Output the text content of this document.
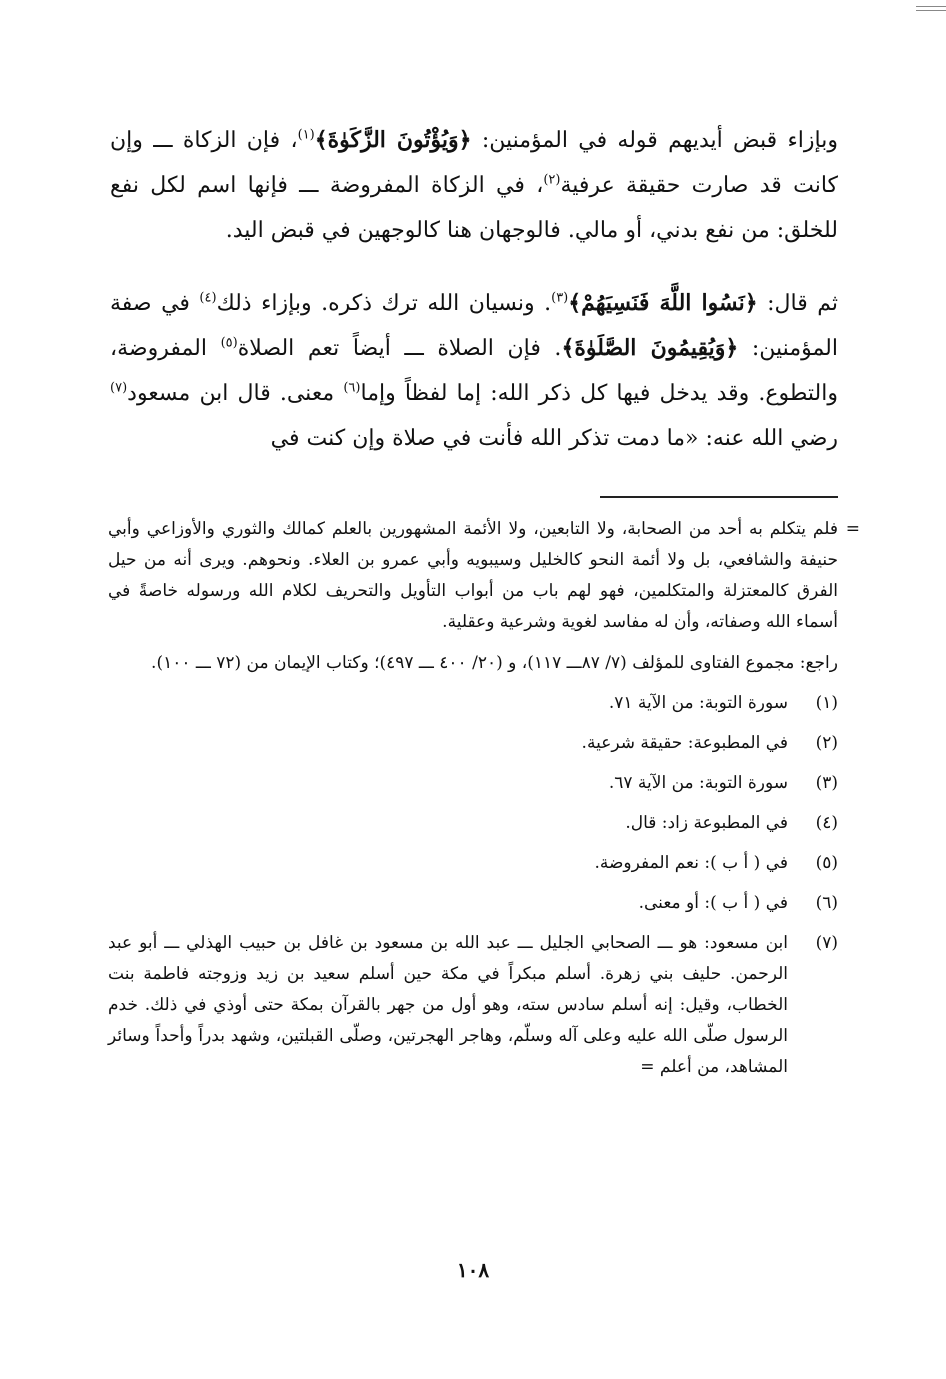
وبإزاء قبض أيديهم قوله في المؤمنين: ﴿وَيُؤْتُونَ الزَّكَوٰةَ﴾$^{(١)}$، فإن الزكاة ـــ وإن كانت قد صارت حقيقة عرفية$^{(٢)}$، في الزكاة المفروضة ـــ فإنها اسم لكل نفع للخلق: من نفع بدني، أو مالي. فالوجهان هنا كالوجهين في قبض اليد.

ثم قال: ﴿نَسُوا اللَّهَ فَنَسِيَهُمْ﴾$^{(٣)}$. ونسيان الله ترك ذكره. وبإزاء ذلك$^{(٤)}$ في صفة المؤمنين: ﴿وَيُقِيمُونَ الصَّلَوٰةَ﴾. فإن الصلاة ـــ أيضاً تعم الصلاة$^{(٥)}$ المفروضة، والتطوع. وقد يدخل فيها كل ذكر الله: إما لفظاً وإما$^{(٦)}$ معنى. قال ابن مسعود$^{(٧)}$ رضي الله عنه: «ما دمت تذكر الله فأنت في صلاة وإن كنت في

=
فلم يتكلم به أحد من الصحابة، ولا التابعين، ولا الأئمة المشهورين بالعلم كمالك والثوري والأوزاعي وأبي حنيفة والشافعي، بل ولا أئمة النحو كالخليل وسيبويه وأبي عمرو بن العلاء. ونحوهم. ويرى أنه من حيل الفرق كالمعتزلة والمتكلمين، فهو لهم باب من أبواب التأويل والتحريف لكلام الله ورسوله خاصةً في أسماء الله وصفاته، وأن له مفاسد لغوية وشرعية وعقلية.
راجع: مجموع الفتاوى للمؤلف (٧/ ٨٧ـــ ١١٧)، و (٢٠/ ٤٠٠ ـــ ٤٩٧)؛ وكتاب الإيمان من (٧٢ ـــ ١٠٠).
(١)
سورة التوبة: من الآية ٧١.
(٢)
في المطبوعة: حقيقة شرعية.
(٣)
سورة التوبة: من الآية ٦٧.
(٤)
في المطبوعة زاد: قال.
(٥)
في ( أ ب ): نعم المفروضة.
(٦)
في ( أ ب ): أو معنى.
(٧)
ابن مسعود: هو ـــ الصحابي الجليل ـــ عبد الله بن مسعود بن غافل بن حبيب الهذلي ـــ أبو عبد الرحمن. حليف بني زهرة. أسلم مبكراً في مكة حين أسلم سعيد بن زيد وزوجته فاطمة بنت الخطاب، وقيل: إنه أسلم سادس سته، وهو أول من جهر بالقرآن بمكة حتى أوذي في ذلك. خدم الرسول صلّى الله عليه وعلى آله وسلّم، وهاجر الهجرتين، وصلّى القبلتين، وشهد بدراً وأحداً وسائر المشاهد، من أعلم =
١٠٨
